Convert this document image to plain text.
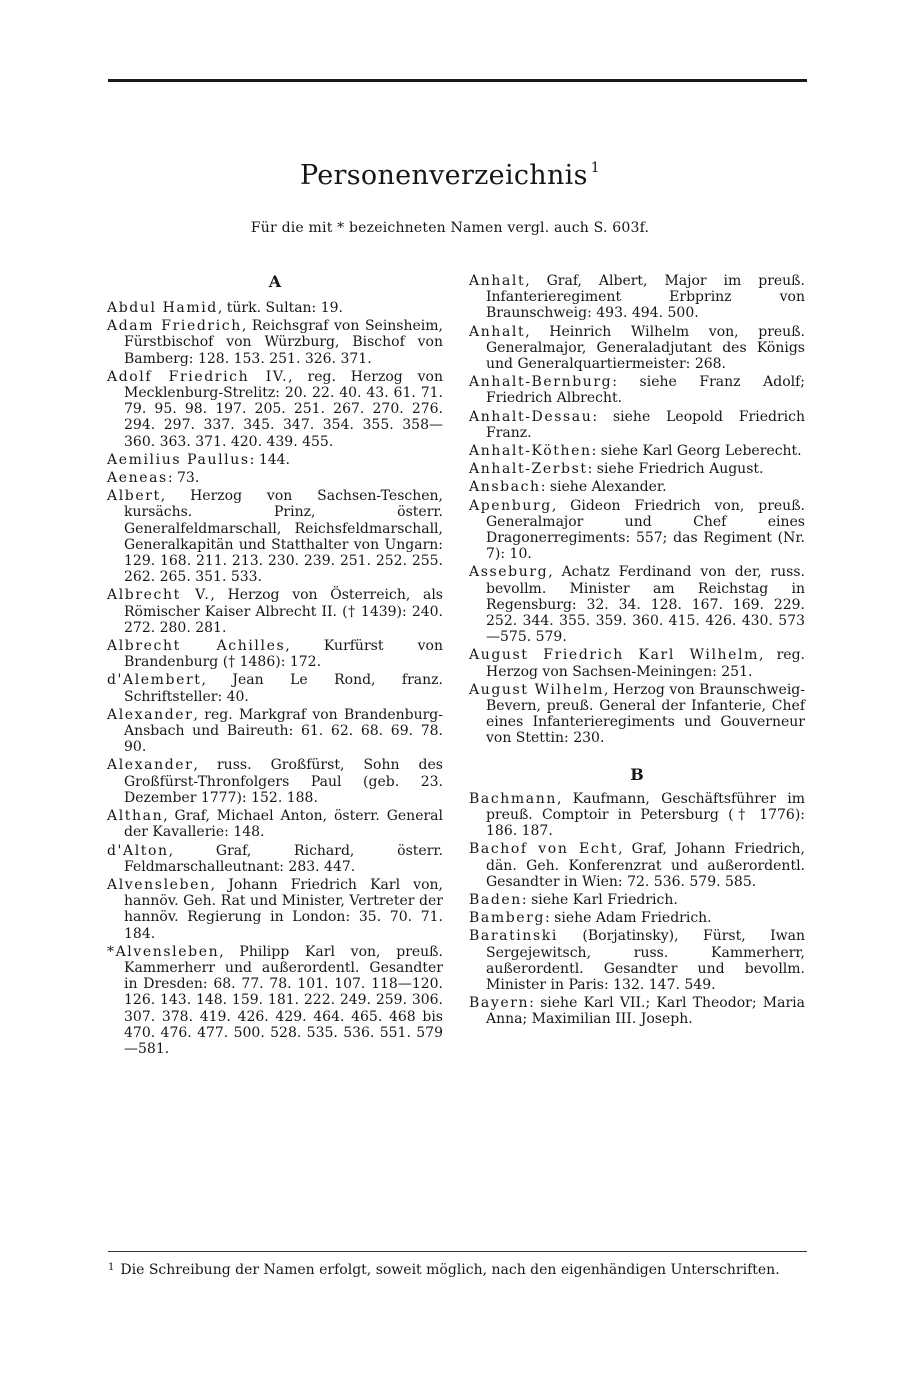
Personenverzeichnis $^1$
Für die mit * bezeichneten Namen vergl. auch S. 603f.
A
Abdul Hamid, türk. Sultan: 19.
Adam Friedrich, Reichsgraf von Seinsheim, Fürstbischof von Würzburg, Bischof von Bamberg: 128. 153. 251. 326. 371.
Adolf Friedrich IV., reg. Herzog von Mecklenburg-Strelitz: 20. 22. 40. 43. 61. 71. 79. 95. 98. 197. 205. 251. 267. 270. 276. 294. 297. 337. 345. 347. 354. 355. 358—360. 363. 371. 420. 439. 455.
Aemilius Paullus: 144.
Aeneas: 73.
Albert, Herzog von Sachsen-Teschen, kursächs. Prinz, österr. Generalfeldmarschall, Reichsfeldmarschall, Generalkapitän und Statthalter von Ungarn: 129. 168. 211. 213. 230. 239. 251. 252. 255. 262. 265. 351. 533.
Albrecht V., Herzog von Österreich, als Römischer Kaiser Albrecht II. († 1439): 240. 272. 280. 281.
Albrecht Achilles, Kurfürst von Brandenburg († 1486): 172.
d'Alembert, Jean Le Rond, franz. Schriftsteller: 40.
Alexander, reg. Markgraf von Brandenburg-Ansbach und Baireuth: 61. 62. 68. 69. 78. 90.
Alexander, russ. Großfürst, Sohn des Großfürst-Thronfolgers Paul (geb. 23. Dezember 1777): 152. 188.
Althan, Graf, Michael Anton, österr. General der Kavallerie: 148.
d'Alton, Graf, Richard, österr. Feldmarschalleutnant: 283. 447.
Alvensleben, Johann Friedrich Karl von, hannöv. Geh. Rat und Minister, Vertreter der hannöv. Regierung in London: 35. 70. 71. 184.
*Alvensleben, Philipp Karl von, preuß. Kammerherr und außerordentl. Gesandter in Dresden: 68. 77. 78. 101. 107. 118—120. 126. 143. 148. 159. 181. 222. 249. 259. 306. 307. 378. 419. 426. 429. 464. 465. 468 bis 470. 476. 477. 500. 528. 535. 536. 551. 579—581.
Anhalt, Graf, Albert, Major im preuß. Infanterieregiment Erbprinz von Braunschweig: 493. 494. 500.
Anhalt, Heinrich Wilhelm von, preuß. Generalmajor, Generaladjutant des Königs und Generalquartiermeister: 268.
Anhalt-Bernburg: siehe Franz Adolf; Friedrich Albrecht.
Anhalt-Dessau: siehe Leopold Friedrich Franz.
Anhalt-Köthen: siehe Karl Georg Leberecht.
Anhalt-Zerbst: siehe Friedrich August.
Ansbach: siehe Alexander.
Apenburg, Gideon Friedrich von, preuß. Generalmajor und Chef eines Dragonerregiments: 557; das Regiment (Nr. 7): 10.
Asseburg, Achatz Ferdinand von der, russ. bevollm. Minister am Reichstag in Regensburg: 32. 34. 128. 167. 169. 229. 252. 344. 355. 359. 360. 415. 426. 430. 573—575. 579.
August Friedrich Karl Wilhelm, reg. Herzog von Sachsen-Meiningen: 251.
August Wilhelm, Herzog von Braunschweig-Bevern, preuß. General der Infanterie, Chef eines Infanterieregiments und Gouverneur von Stettin: 230.
B
Bachmann, Kaufmann, Geschäftsführer im preuß. Comptoir in Petersburg († 1776): 186. 187.
Bachof von Echt, Graf, Johann Friedrich, dän. Geh. Konferenzrat und außerordentl. Gesandter in Wien: 72. 536. 579. 585.
Baden: siehe Karl Friedrich.
Bamberg: siehe Adam Friedrich.
Baratinski (Borjatinsky), Fürst, Iwan Sergejewitsch, russ. Kammerherr, außerordentl. Gesandter und bevollm. Minister in Paris: 132. 147. 549.
Bayern: siehe Karl VII.; Karl Theodor; Maria Anna; Maximilian III. Joseph.
$^1$ Die Schreibung der Namen erfolgt, soweit möglich, nach den eigenhändigen Unterschriften.
